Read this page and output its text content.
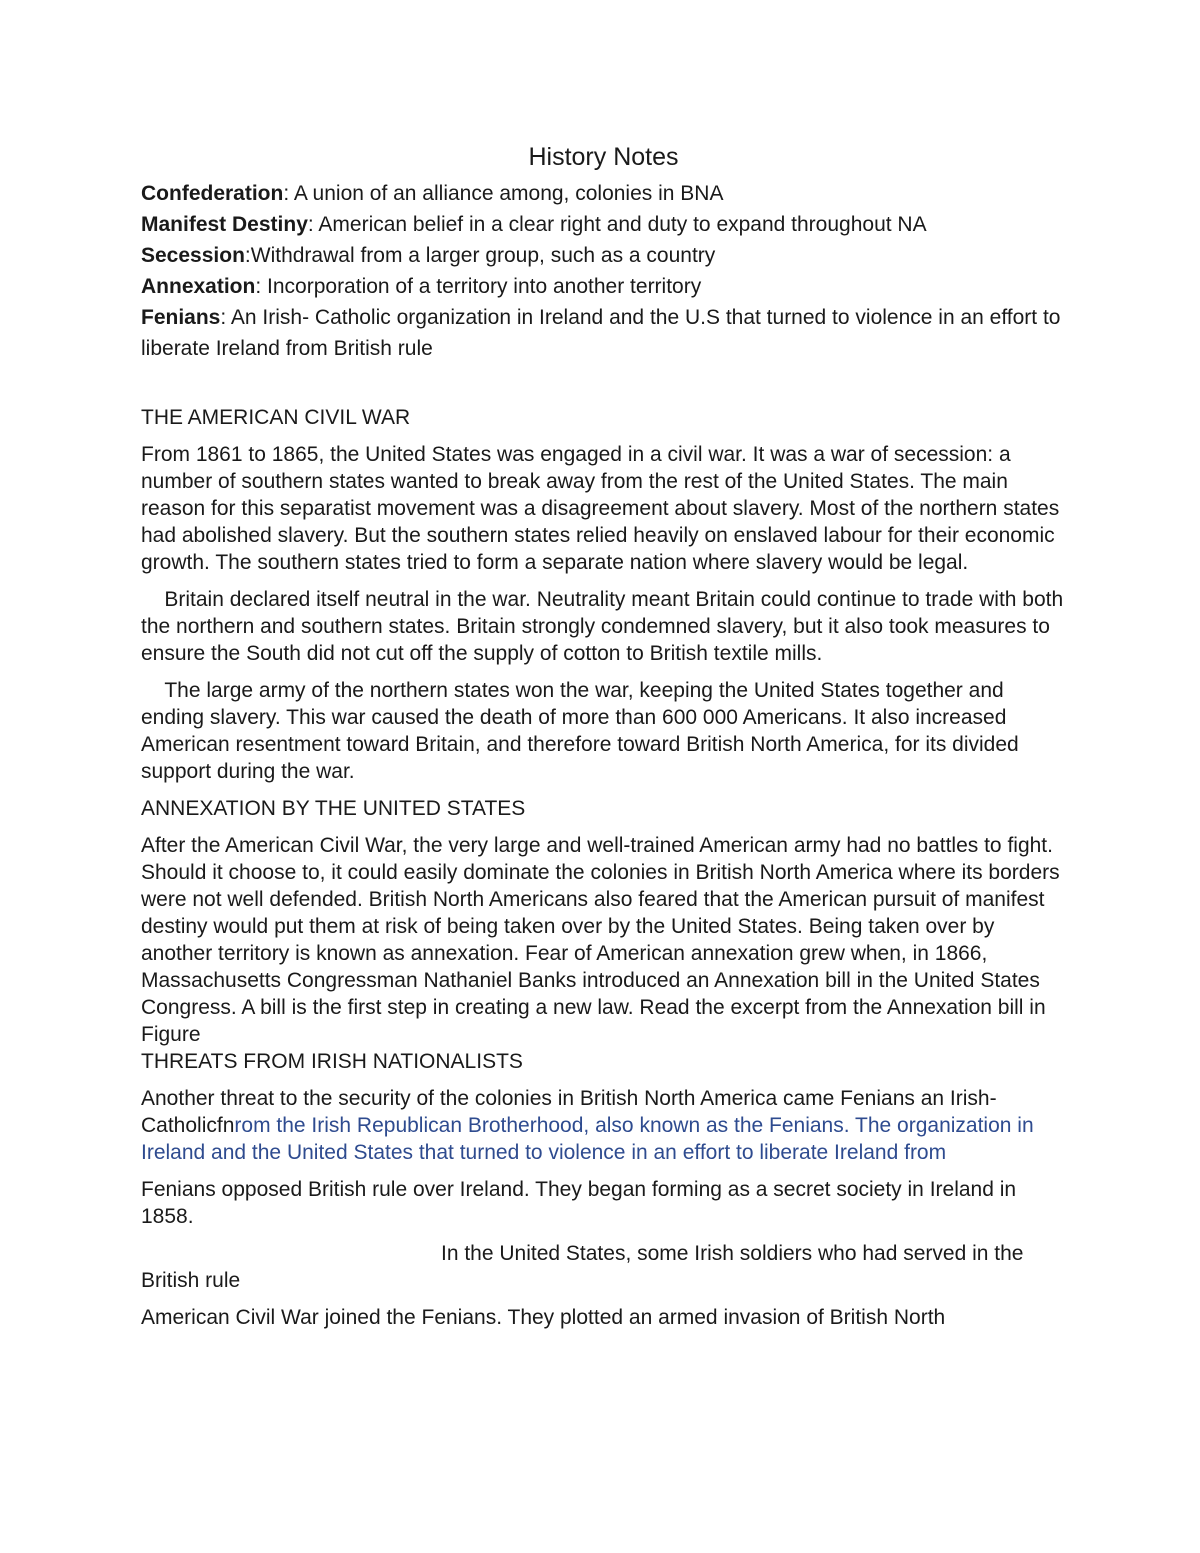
History Notes

Confederation: A union of an alliance among, colonies in BNA

Manifest Destiny: American belief in a clear right and duty to expand throughout NA

Secession:Withdrawal from a larger group, such as a country

Annexation: Incorporation of a territory into another territory

Fenians: An Irish- Catholic organization in Ireland and the U.S that turned to violence in an effort to liberate Ireland from British rule

THE AMERICAN CIVIL WAR

From 1861 to 1865, the United States was engaged in a civil war. It was a war of secession: a number of southern states wanted to break away from the rest of the United States. The main reason for this separatist movement was a disagreement about slavery. Most of the northern states had abolished slavery. But the southern states relied heavily on enslaved labour for their economic growth. The southern states tried to form a separate nation where slavery would be legal.

Britain declared itself neutral in the war. Neutrality meant Britain could continue to trade with both the northern and southern states. Britain strongly condemned slavery, but it also took measures to ensure the South did not cut off the supply of cotton to British textile mills.

The large army of the northern states won the war, keeping the United States together and ending slavery. This war caused the death of more than 600 000 Americans. It also increased American resentment toward Britain, and therefore toward British North America, for its divided support during the war.

ANNEXATION BY THE UNITED STATES

After the American Civil War, the very large and well-trained American army had no battles to fight. Should it choose to, it could easily dominate the colonies in British North America where its borders were not well defended. British North Americans also feared that the American pursuit of manifest destiny would put them at risk of being taken over by the United States. Being taken over by another territory is known as annexation. Fear of American annexation grew when, in 1866, Massachusetts Congressman Nathaniel Banks introduced an Annexation bill in the United States Congress. A bill is the first step in creating a new law. Read the excerpt from the Annexation bill in Figure

THREATS FROM IRISH NATIONALISTS

Another threat to the security of the colonies in British North America came Fenians an Irish-Catholicfnrom the Irish Republican Brotherhood, also known as the Fenians. The organization in Ireland and the United States that turned to violence in an effort to liberate Ireland from

Fenians opposed British rule over Ireland. They began forming as a secret society in Ireland in 1858.

In the United States, some Irish soldiers who had served in the British rule

American Civil War joined the Fenians. They plotted an armed invasion of British North
